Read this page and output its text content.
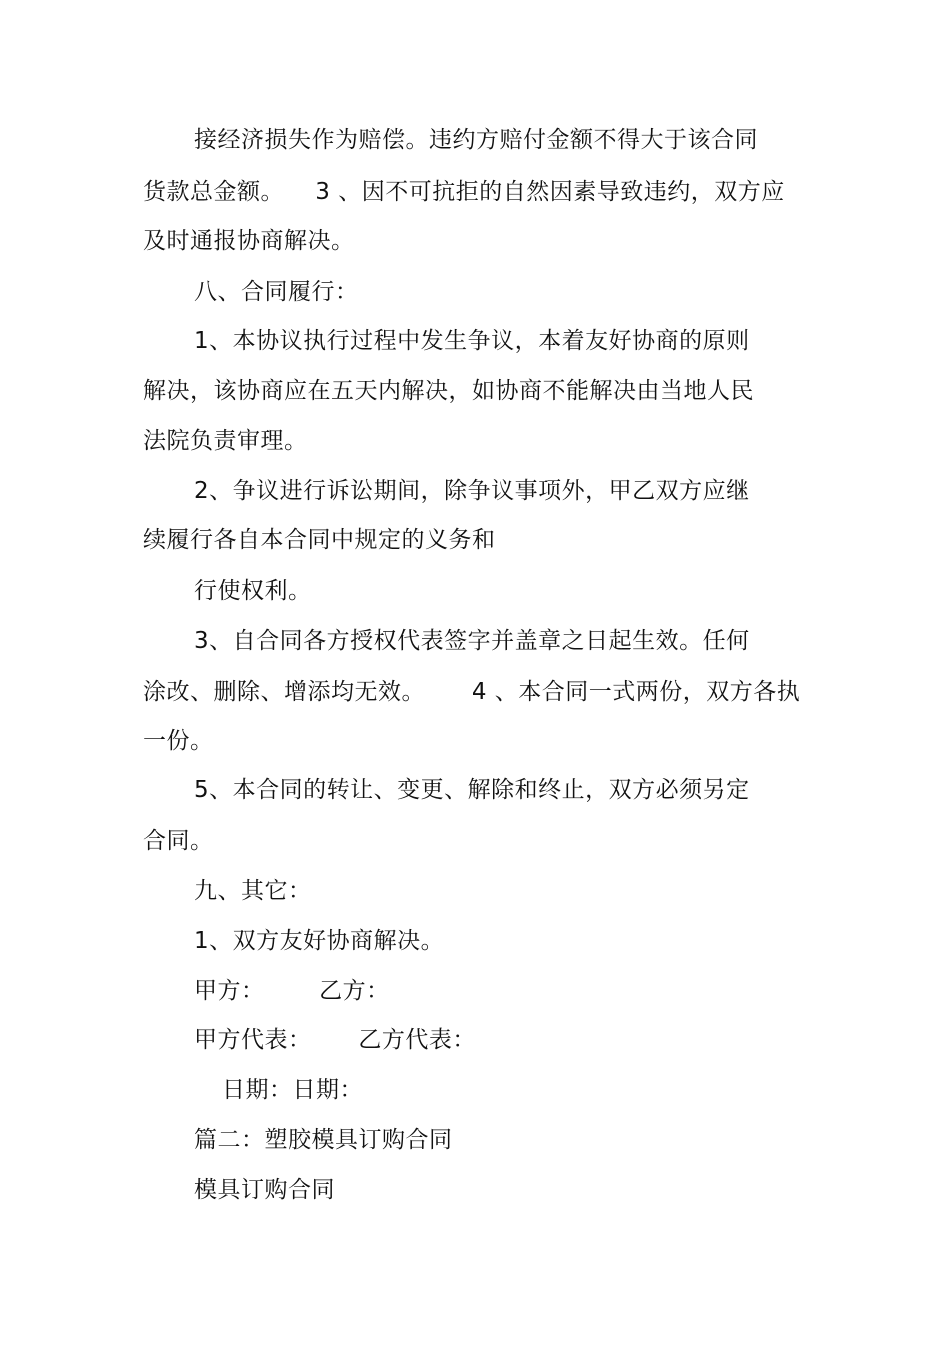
接经济损失作为赔偿。违约方赔付金额不得大于该合同
货款总金额。    3 、因不可抗拒的自然因素导致违约，双方应
及时通报协商解决。
八、合同履行：
1、本协议执行过程中发生争议，本着友好协商的原则
解决，该协商应在五天内解决，如协商不能解决由当地人民
法院负责审理。
2、争议进行诉讼期间，除争议事项外，甲乙双方应继
续履行各自本合同中规定的义务和
行使权利。
3、自合同各方授权代表签字并盖章之日起生效。任何
涂改、删除、增添均无效。      4 、本合同一式两份，双方各执
一份。
5、本合同的转让、变更、解除和终止，双方必须另定
合同。
九、其它：
1、双方友好协商解决。
甲方：       乙方：
甲方代表：      乙方代表：
日期：日期：
篇二：塑胶模具订购合同
模具订购合同
